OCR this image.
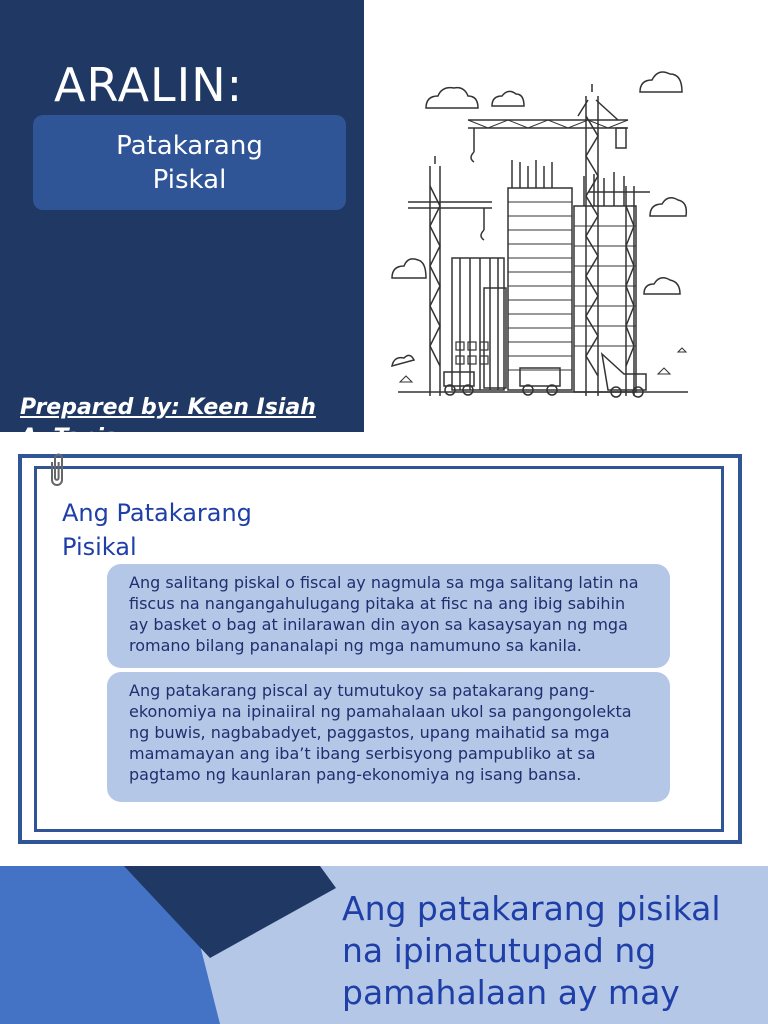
ARALIN:
Patakarang
Piskal
Prepared by: Keen Isiah
Ang Patakarang
Pisikal
Ang salitang piskal o fiscal ay nagmula sa mga salitang latin na fiscus na nangangahulugang pitaka at fisc na ang ibig sabihin ay basket o bag at inilarawan din ayon sa kasaysayan ng mga romano bilang pananalapi ng mga namumuno sa kanila.
Ang patakarang piscal ay tumutukoy sa patakarang pang-ekonomiya na ipinaiiral ng pamahalaan ukol sa pangongolekta ng buwis, nagbabadyet, paggastos, upang maihatid sa mga mamamayan ang iba’t ibang serbisyong pampubliko at sa pagtamo ng kaunlaran pang-ekonomiya ng isang bansa.
Ang patakarang pisikal na ipinatutupad ng pamahalaan ay may
